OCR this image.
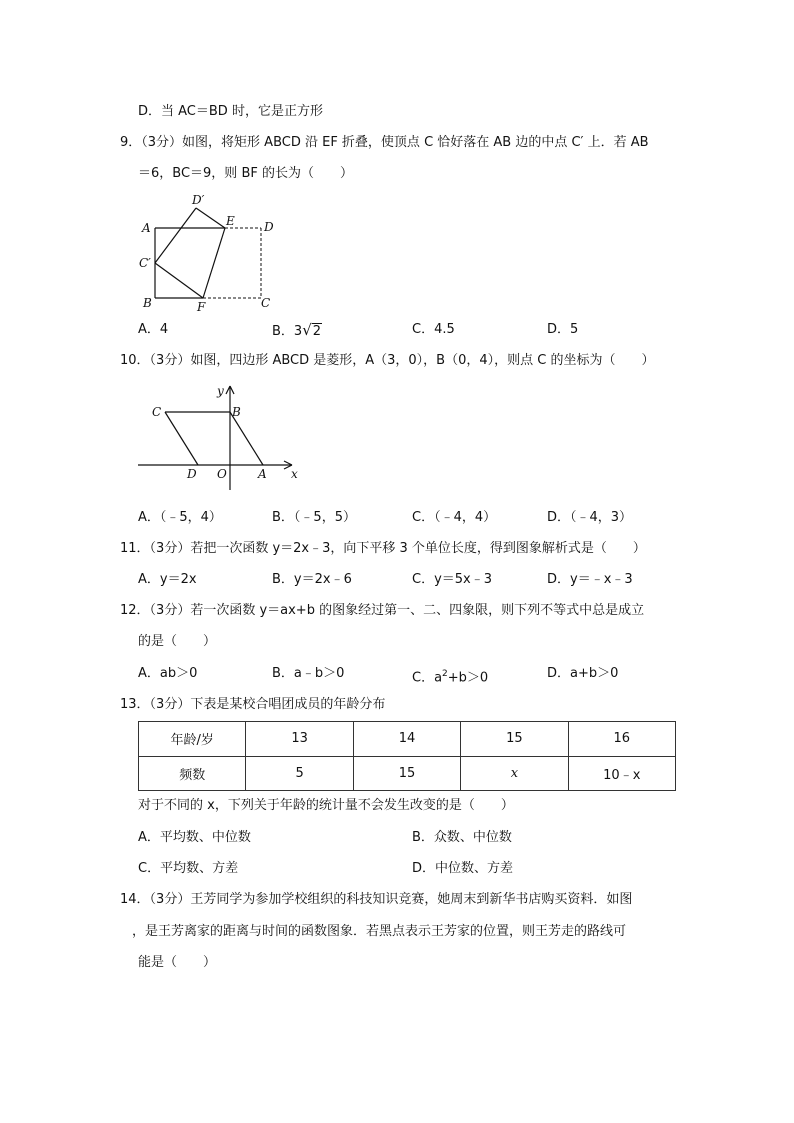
D．当 AC＝BD 时，它是正方形
9．（3分）如图，将矩形 ABCD 沿 EF 折叠，使顶点 C 恰好落在 AB 边的中点 C′ 上．若 AB
＝6，BC＝9，则 BF 的长为（　　）
D′
A	E D
C′
B	F	C
A．4	B．3√2	C．4.5	D．5
10．（3分）如图，四边形 ABCD 是菱形，A（3，0），B（0，4），则点 C 的坐标为（　　）
y
C	B
x
D O	A
A．（﹣5，4）	B．（﹣5，5）	C．（﹣4，4）	D．（﹣4，3）
11．（3分）若把一次函数 y＝2x﹣3，向下平移 3 个单位长度，得到图象解析式是（　　）
A．y＝2x	B．y＝2x﹣6	C．y＝5x﹣3	D．y＝﹣x﹣3
12．（3分）若一次函数 y＝ax+b 的图象经过第一、二、四象限，则下列不等式中总是成立
的是（　　）
A．ab＞0	B．a﹣b＞0	C．$a^2+b>0$	D．a+b＞0
13．（3分）下表是某校合唱团成员的年龄分布
年龄/岁	13	14	15	16
频数	5	15	x	10﹣x
对于不同的 x，下列关于年龄的统计量不会发生改变的是（　　）
A．平均数、中位数	B．众数、中位数
C．平均数、方差	D．中位数、方差
14．（3分）王芳同学为参加学校组织的科技知识竞赛，她周末到新华书店购买资料．如图
，是王芳离家的距离与时间的函数图象．若黑点表示王芳家的位置，则王芳走的路线可
能是（　　）
